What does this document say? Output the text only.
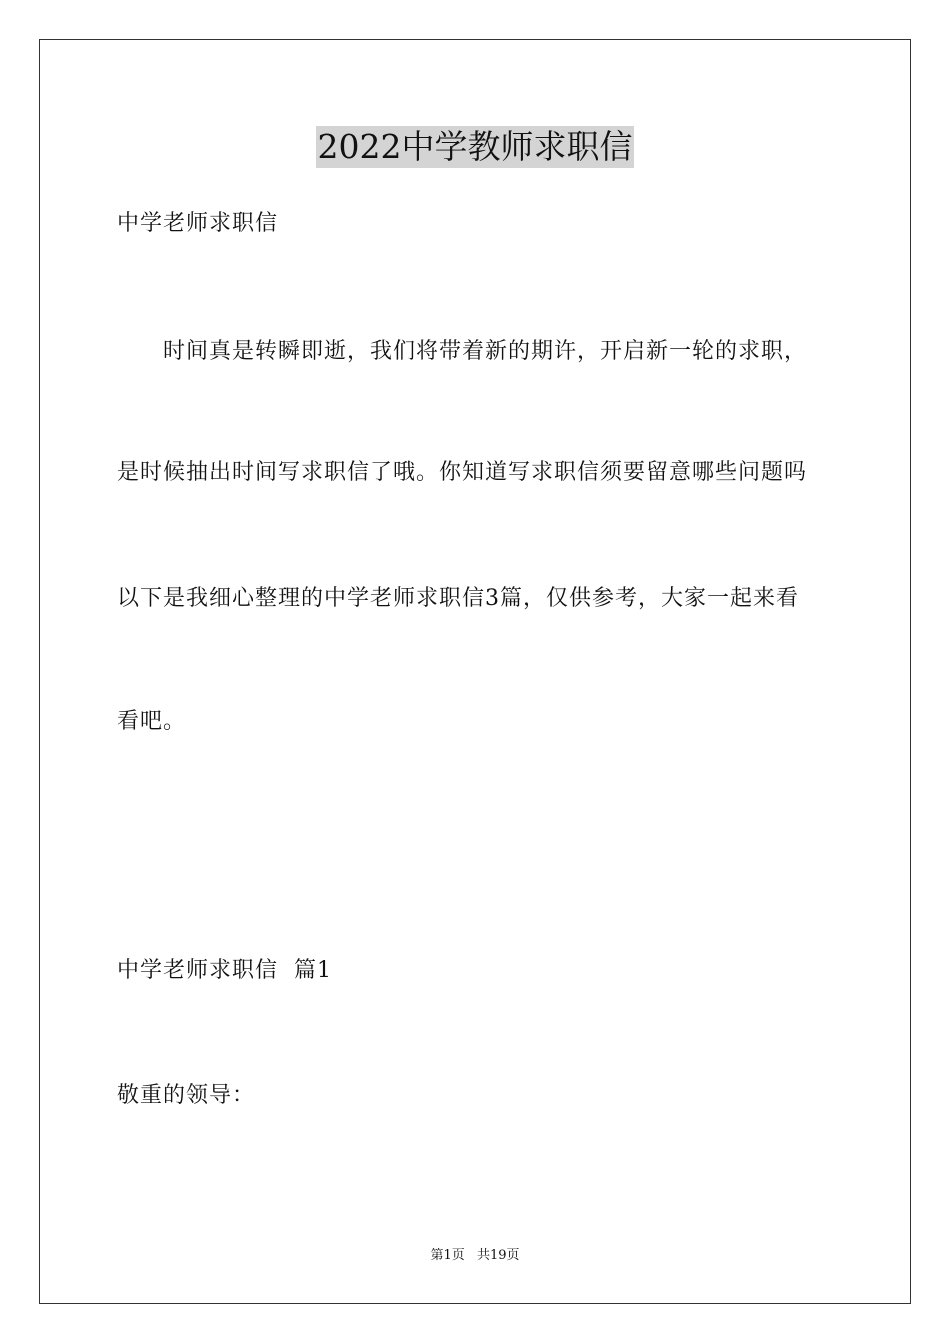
2022中学教师求职信
中学老师求职信
时间真是转瞬即逝，我们将带着新的期许，开启新一轮的求职，
是时候抽出时间写求职信了哦。你知道写求职信须要留意哪些问题吗
以下是我细心整理的中学老师求职信3篇，仅供参考，大家一起来看
看吧。
中学老师求职信  篇1
敬重的领导：
第1页 共19页
